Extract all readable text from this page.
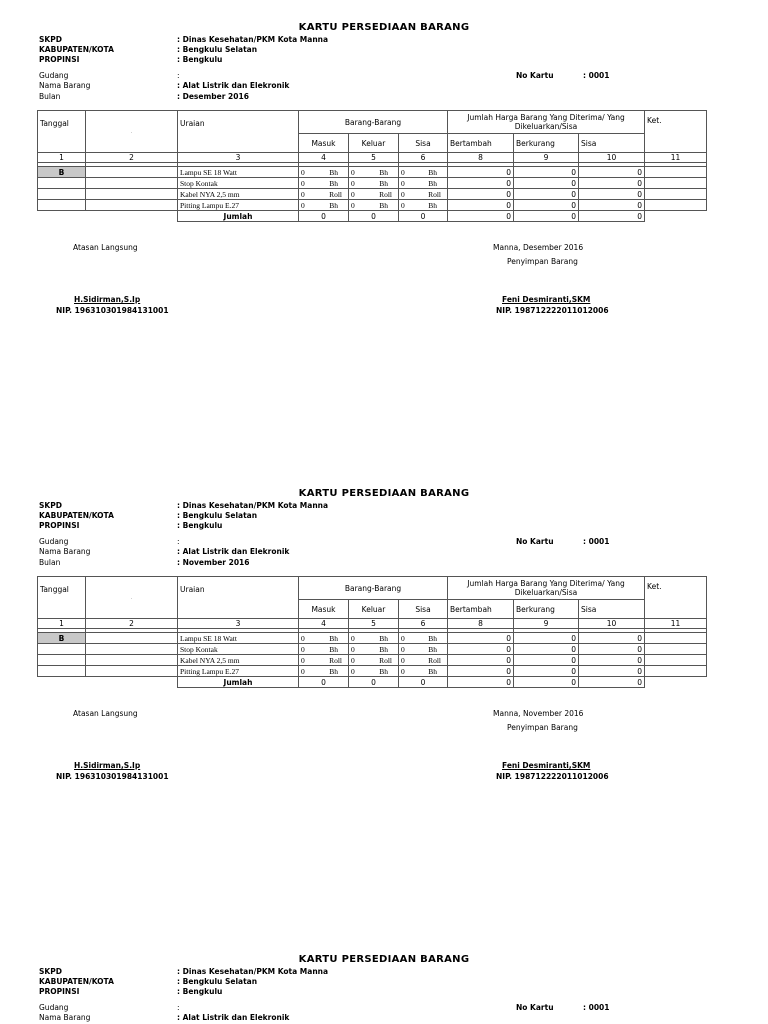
KARTU PERSEDIAAN BARANG
SKPD	: Dinas Kesehatan/PKM Kota Manna
KABUPATEN/KOTA	: Bengkulu Selatan
PROPINSI	: Bengkulu
Gudang	:	No Kartu	: 0001
Nama Barang	: Alat Listrik dan Elekronik
Bulan	: Desember 2016
Tanggal	.	Uraian	Barang-Barang			Jumlah Harga Barang Yang Diterima/ Yang Dikeluarkan/Sisa			Ket.
			Masuk	Keluar	Sisa	Bertambah	Berkurang	Sisa	
1	2	3	4	5	6	8	9	10	11

B		Lampu SE 18 Watt	0 Bh	0 Bh	0 Bh	0	0	0	
		Stop Kontak	0 Bh	0 Bh	0 Bh	0	0	0	
		Kabel NYA 2,5 mm	0 Roll	0 Roll	0 Roll	0	0	0	
		Pitting Lampu E.27	0 Bh	0 Bh	0 Bh	0	0	0	
		Jumlah	0	0	0	0	0	0	
Atasan Langsung	Manna, Desember 2016
Penyimpan Barang
H.Sidirman,S.Ip
NIP. 196310301984131001
Feni Desmiranti,SKM
NIP. 198712222011012006
KARTU PERSEDIAAN BARANG
SKPD	: Dinas Kesehatan/PKM Kota Manna
KABUPATEN/KOTA	: Bengkulu Selatan
PROPINSI	: Bengkulu
Gudang	:	No Kartu	: 0001
Nama Barang	: Alat Listrik dan Elekronik
Bulan	: November 2016
Tanggal	.	Uraian	Barang-Barang			Jumlah Harga Barang Yang Diterima/ Yang Dikeluarkan/Sisa			Ket.
			Masuk	Keluar	Sisa	Bertambah	Berkurang	Sisa	
1	2	3	4	5	6	8	9	10	11

B		Lampu SE 18 Watt	0 Bh	0 Bh	0 Bh	0	0	0	
		Stop Kontak	0 Bh	0 Bh	0 Bh	0	0	0	
		Kabel NYA 2,5 mm	0 Roll	0 Roll	0 Roll	0	0	0	
		Pitting Lampu E.27	0 Bh	0 Bh	0 Bh	0	0	0	
		Jumlah	0	0	0	0	0	0	
Atasan Langsung	Manna, November 2016
Penyimpan Barang
H.Sidirman,S.Ip
NIP. 196310301984131001
Feni Desmiranti,SKM
NIP. 198712222011012006
KARTU PERSEDIAAN BARANG
SKPD	: Dinas Kesehatan/PKM Kota Manna
KABUPATEN/KOTA	: Bengkulu Selatan
PROPINSI	: Bengkulu
Gudang	:	No Kartu	: 0001
Nama Barang	: Alat Listrik dan Elekronik
